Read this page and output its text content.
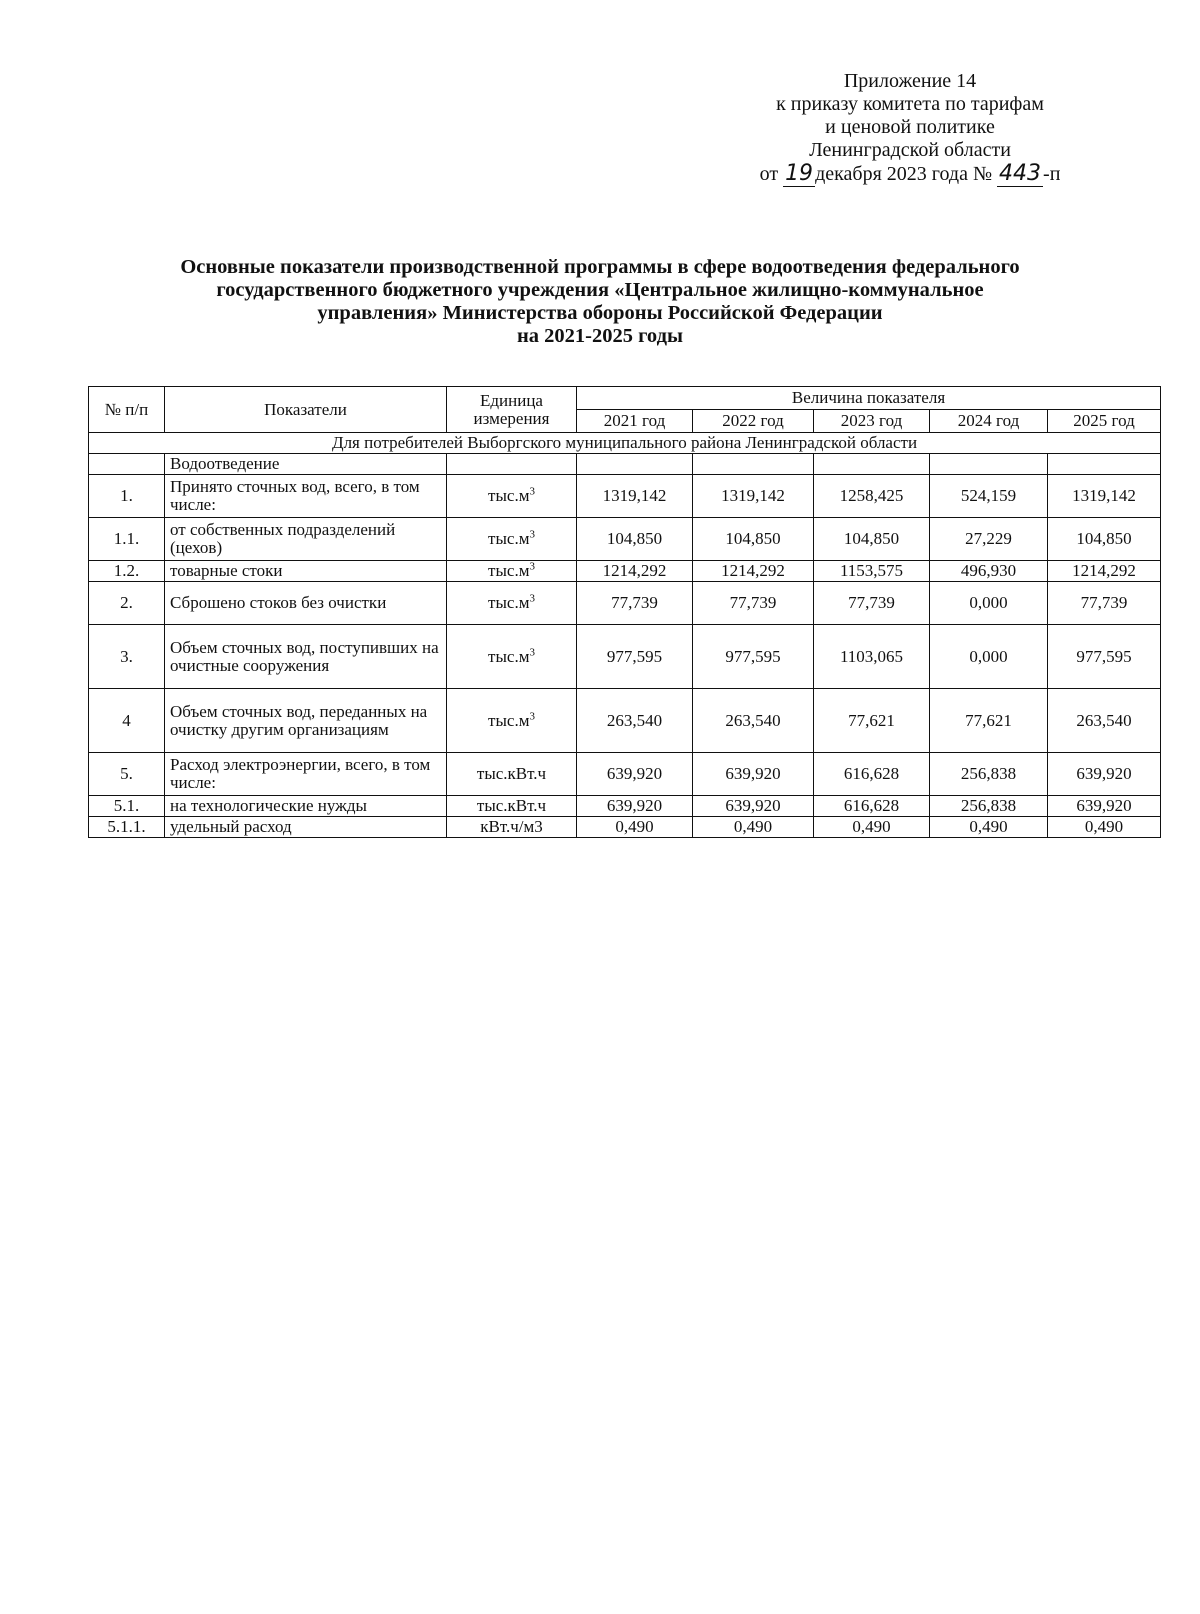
Приложение 14
к приказу комитета по тарифам
и ценовой политике
Ленинградской области
от 19 декабря 2023 года № 443 -п
Основные показатели производственной программы в сфере водоотведения федерального
государственного бюджетного учреждения «Центральное жилищно-коммунальное
управления» Министерства обороны Российской Федерации
на 2021-2025 годы
№ п/п	Показатели	Единица измерения	Величина показателя				
			2021 год	2022 год	2023 год	2024 год	2025 год
Для потребителей Выборгского муниципального района Ленинградской области							
	Водоотведение						
1.	Принято сточных вод, всего, в том числе:	$тыс.м^3$	1319,142	1319,142	1258,425	524,159	1319,142
1.1.	от собственных подразделений (цехов)	$тыс.м^3$	104,850	104,850	104,850	27,229	104,850
1.2.	товарные стоки	$тыс.м^3$	1214,292	1214,292	1153,575	496,930	1214,292
2.	Сброшено стоков без очистки	$тыс.м^3$	77,739	77,739	77,739	0,000	77,739
3.	Объем сточных вод, поступивших на очистные сооружения	$тыс.м^3$	977,595	977,595	1103,065	0,000	977,595
4	Объем сточных вод, переданных на очистку другим организациям	$тыс.м^3$	263,540	263,540	77,621	77,621	263,540
5.	Расход электроэнергии, всего, в том числе:	тыс.кВт.ч	639,920	639,920	616,628	256,838	639,920
5.1.	на технологические нужды	тыс.кВт.ч	639,920	639,920	616,628	256,838	639,920
5.1.1.	удельный расход	кВт.ч/м3	0,490	0,490	0,490	0,490	0,490
